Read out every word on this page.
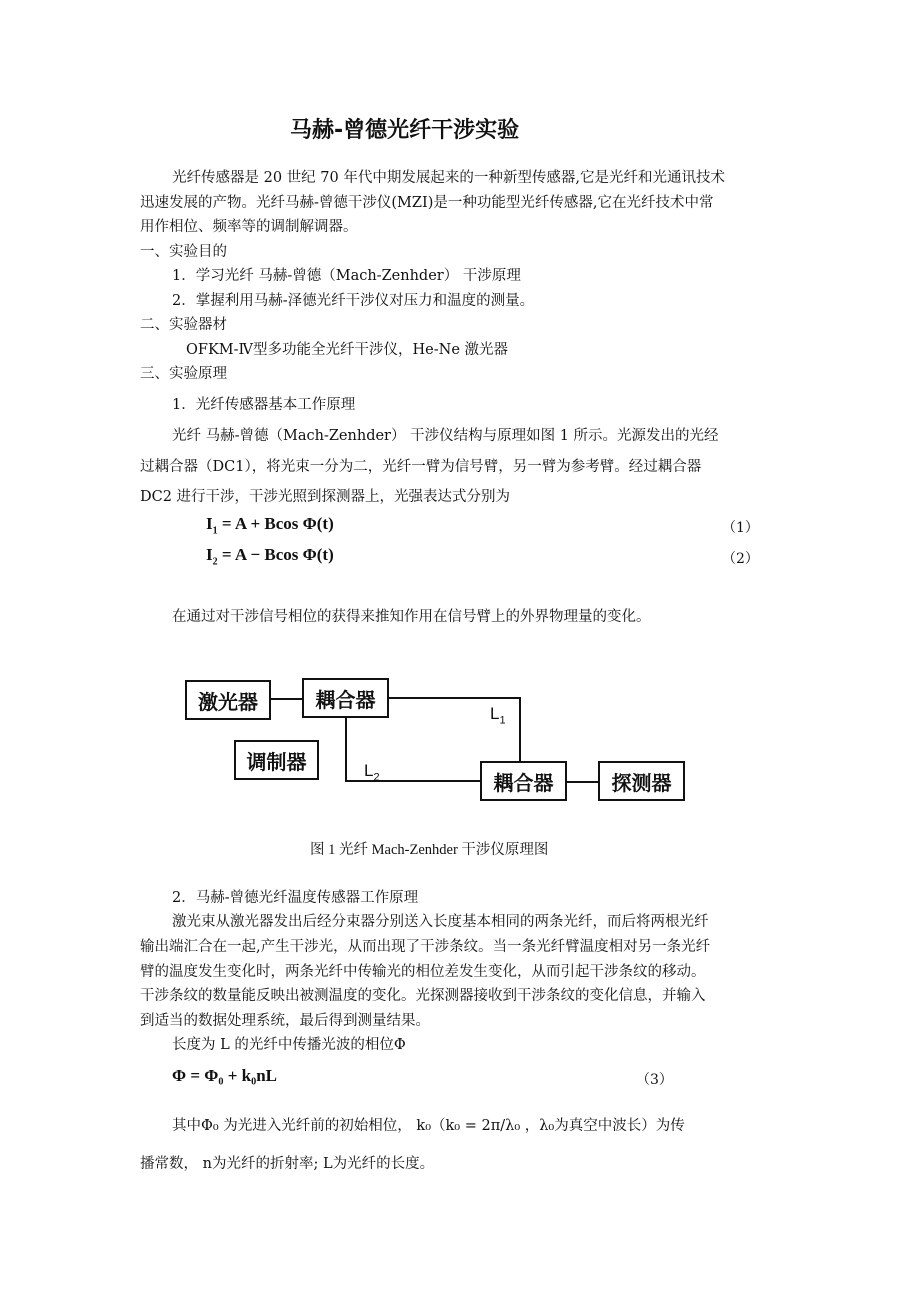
马赫-曾德光纤干涉实验
光纤传感器是 20 世纪 70 年代中期发展起来的一种新型传感器,它是光纤和光通讯技术
迅速发展的产物。光纤马赫-曾德干涉仪(MZI)是一种功能型光纤传感器,它在光纤技术中常
用作相位、频率等的调制解调器。
一、实验目的
1．学习光纤 马赫-曾德（Mach-Zenhder） 干涉原理
2．掌握利用马赫-泽德光纤干涉仪对压力和温度的测量。
二、实验器材
OFKM-Ⅳ型多功能全光纤干涉仪，He-Ne 激光器
三、实验原理
1．光纤传感器基本工作原理
光纤 马赫-曾德（Mach-Zenhder） 干涉仪结构与原理如图 1 所示。光源发出的光经
过耦合器（DC1），将光束一分为二，光纤一臂为信号臂，另一臂为参考臂。经过耦合器
DC2 进行干涉，干涉光照到探测器上，光强表达式分别为
$I_1 = A + Bcos$ Φ(t)	（1）
$I_2 = A - Bcos$ Φ(t)	（2）
在通过对干涉信号相位的获得来推知作用在信号臂上的外界物理量的变化。
激光器	耦合器
调制器
耦合器	探测器
$L_1$
$L_2$
图 1 光纤 Mach-Zenhder 干涉仪原理图
2．马赫-曾德光纤温度传感器工作原理
激光束从激光器发出后经分束器分别送入长度基本相同的两条光纤，而后将两根光纤
输出端汇合在一起,产生干涉光，从而出现了干涉条纹。当一条光纤臂温度相对另一条光纤
臂的温度发生变化时，两条光纤中传输光的相位差发生变化，从而引起干涉条纹的移动。
干涉条纹的数量能反映出被测温度的变化。光探测器接收到干涉条纹的变化信息，并输入
到适当的数据处理系统，最后得到测量结果。
长度为 L 的光纤中传播光波的相位Φ
Φ = Φ₀ + k₀nL	（3）
其中Φ₀ 为光进入光纤前的初始相位， k₀（k₀ = 2π/λ₀ ，λ₀为真空中波长）为传
播常数， n为光纤的折射率; L为光纤的长度。
